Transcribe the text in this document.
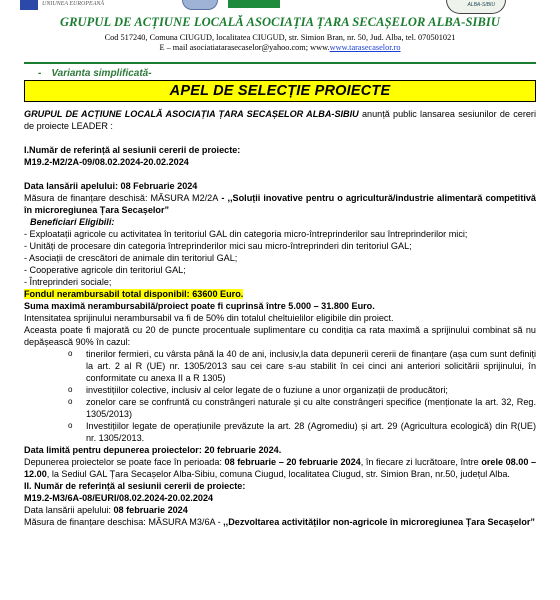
UNIUNEA EUROPEANĂ	ALBA-SIBIU
GRUPUL DE ACȚIUNE LOCALĂ ASOCIAȚIA ȚARA SECAȘELOR ALBA-SIBIU
Cod 517240, Comuna CIUGUD, localitatea CIUGUD, str. Simion Bran, nr. 50, Jud. Alba, tel. 070501021
E – mail asociatiatarasecaselor@yahoo.com; www.www.tarasecaselor.ro
- Varianta simplificată-
APEL DE SELECȚIE PROIECTE

GRUPUL DE ACȚIUNE LOCALĂ ASOCIAȚIA ȚARA SECAȘELOR ALBA-SIBIU anunță public lansarea sesiunilor de cereri de proiecte LEADER :

I.Număr de referință al sesiunii cererii de proiecte:

M19.2-M2/2A-09/08.02.2024-20.02.2024

Data lansării apelului: 08 Februarie 2024

Măsura de finanțare deschisă: MĂSURA M2/2A - ,,Soluții inovative pentru o agricultură/industrie alimentară competitivă în microregiunea Țara Secașelor”

Beneficiari Eligibili:

- Exploatații agricole cu activitatea în teritoriul GAL din categoria micro-întreprinderilor sau întreprinderilor mici;

- Unități de procesare din categoria întreprinderilor mici sau micro-întreprinderi din teritoriul GAL;

- Asociații de crescători de animale din teritoriul GAL;

- Cooperative agricole din teritoriul GAL;

- Întreprinderi sociale;

Fondul nerambursabil total disponibil: 63600 Euro.

Suma maximă nerambursabilă/proiect poate fi cuprinsă între 5.000 – 31.800 Euro.

Intensitatea sprijinului nerambursabil va fi de 50% din totalul cheltuielilor eligibile din proiect.

Aceasta poate fi majorată cu 20 de puncte procentuale suplimentare cu condiția ca rata maximă a sprijinului combinat să nu depășească 90% în cazul:

o tinerilor fermieri, cu vârsta până la 40 de ani, inclusiv,la data depunerii cererii de finanțare (așa cum sunt definiți la art. 2 al R (UE) nr. 1305/2013 sau cei care s-au stabilit în cei cinci ani anteriori solicitării sprijinului, în conformitate cu anexa II a R 1305)
o investițiilor colective, inclusiv al celor legate de o fuziune a unor organizații de producători;
o zonelor care se confruntă cu constrângeri naturale și cu alte constrângeri specifice (menționate la art. 32, Reg. 1305/2013)
o Investițiilor legate de operațiunile prevăzute la art. 28 (Agromediu) și art. 29 (Agricultura ecologică) din R(UE) nr. 1305/2013.

Data limită pentru depunerea proiectelor: 20 februarie 2024.

Depunerea proiectelor se poate face în perioada: 08 februarie – 20 februarie 2024, în fiecare zi lucrătoare, între orele 08.00 – 12.00, la Sediul GAL Țara Secașelor Alba-Sibiu, comuna Ciugud, localitatea Ciugud, str. Simion Bran, nr.50, județul Alba.

II. Număr de referință al sesiunii cererii de proiecte:

M19.2-M3/6A-08/EURI/08.02.2024-20.02.2024

Data lansării apelului: 08 februarie 2024

Măsura de finanțare deschisa: MĂSURA M3/6A - ,,Dezvoltarea activităților non-agricole în microregiunea Țara Secașelor”
